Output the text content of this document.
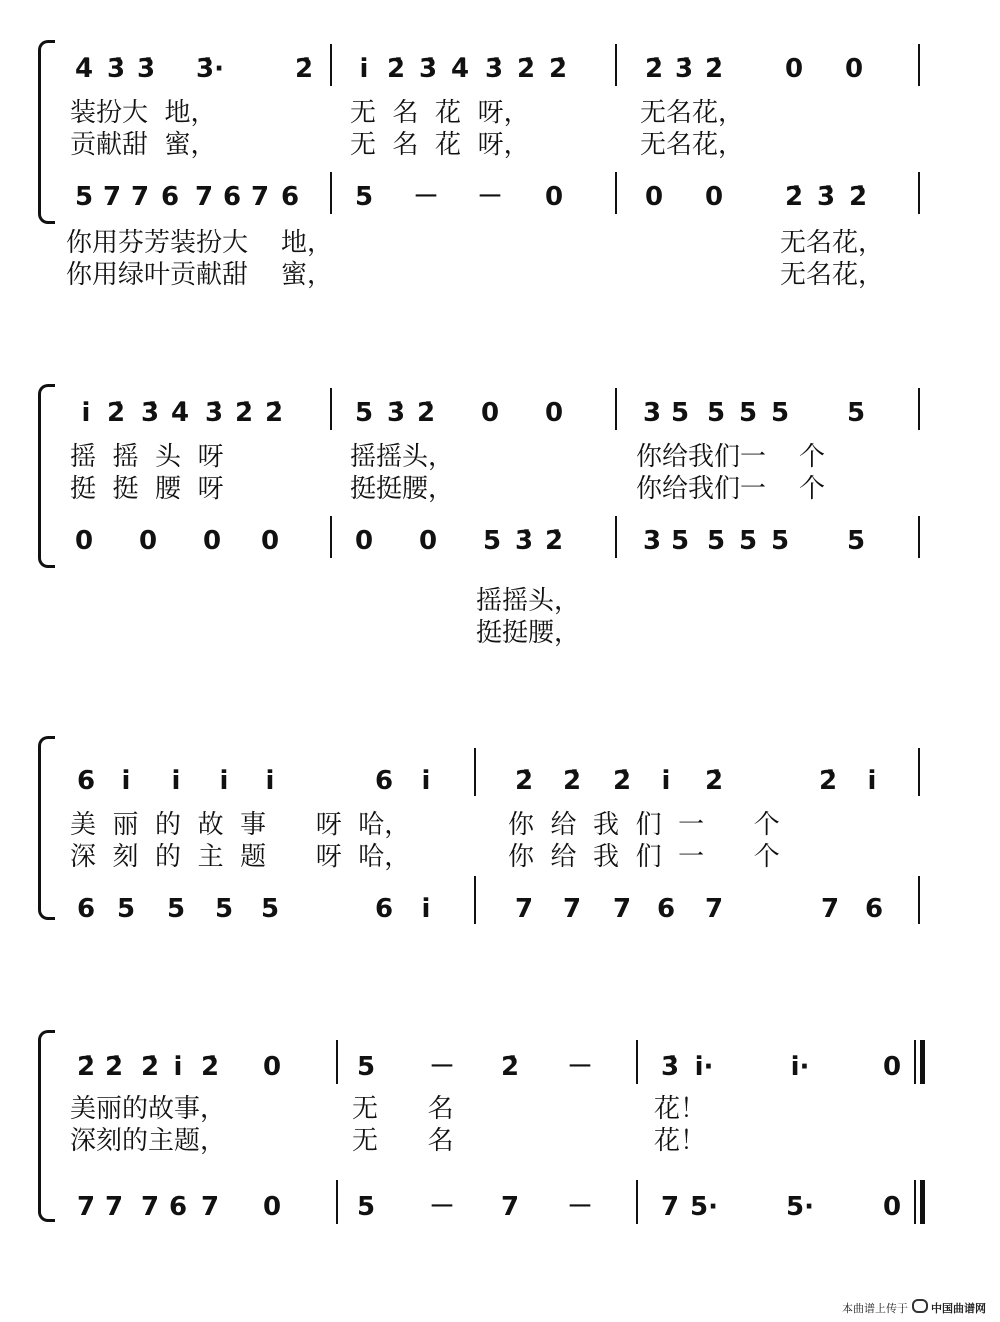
4̇ 3̇ 3̇ 3̇·	2̇	i̇ 2̇ 3̇ 4̇ 3̇ 2̇ 2̇	2̇ 3̇ 2̇ 0 0
装扮大  地，	无  名  花  呀，	无名花，
贡献甜  蜜，	无  名  花  呀，	无名花，
5 7 7 6 7 6 7 6 5 － － 0	0 0 2̇ 3̇ 2̇
你用芬芳装扮大    地，	无名花，
你用绿叶贡献甜    蜜，	无名花，
i̇ 2̇ 3̇ 4̇ 3̇ 2̇ 2̇	5 3̇ 2̇ 0 0	3 5 5 5 5 5
摇  摇  头  呀	摇摇头，	你给我们一    个
挺  挺  腰  呀	挺挺腰，	你给我们一    个
0 0 0 0	0 0 5 3̇ 2̇	3 5 5 5 5 5
摇摇头，
挺挺腰，
6	i̇	i̇	i̇	i̇	6	i̇	2̇ 2̇ 2̇	i̇	2̇	2̇	i̇
美  丽  的  故  事      呀  哈，	你  给  我  们  一      个
深  刻  的  主  题      呀  哈，	你  给  我  们  一      个
6 5 5 5 5	6	i̇	7 7 7 6 7	7 6
2̇ 2̇ 2̇ i̇ 2̇ 0	5 － 2̇ －	3̇ i̇·	i̇·	0
美丽的故事，	无      名	花！
深刻的主题，	无      名	花！
7 7 7 6 7 0	5 － 7 －	7 5·	5·	0
本曲谱上传于 中国曲谱网
